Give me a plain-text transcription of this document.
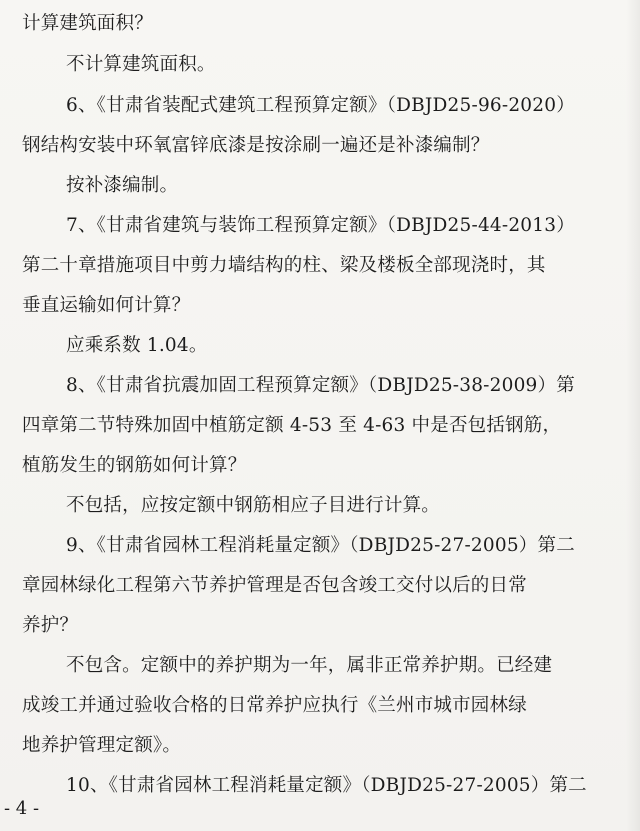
计算建筑面积？
不计算建筑面积。
6、《甘肃省装配式建筑工程预算定额》（DBJD25-96-2020）
钢结构安装中环氧富锌底漆是按涂刷一遍还是补漆编制？
按补漆编制。
7、《甘肃省建筑与装饰工程预算定额》（DBJD25-44-2013）
第二十章措施项目中剪力墙结构的柱、梁及楼板全部现浇时，其
垂直运输如何计算？
应乘系数 1.04。
8、《甘肃省抗震加固工程预算定额》（DBJD25-38-2009）第
四章第二节特殊加固中植筋定额 4-53 至 4-63 中是否包括钢筋，
植筋发生的钢筋如何计算？
不包括，应按定额中钢筋相应子目进行计算。
9、《甘肃省园林工程消耗量定额》（DBJD25-27-2005）第二
章园林绿化工程第六节养护管理是否包含竣工交付以后的日常
养护？
不包含。定额中的养护期为一年，属非正常养护期。已经建
成竣工并通过验收合格的日常养护应执行《兰州市城市园林绿
地养护管理定额》。
10、《甘肃省园林工程消耗量定额》（DBJD25-27-2005）第二
- 4 -
